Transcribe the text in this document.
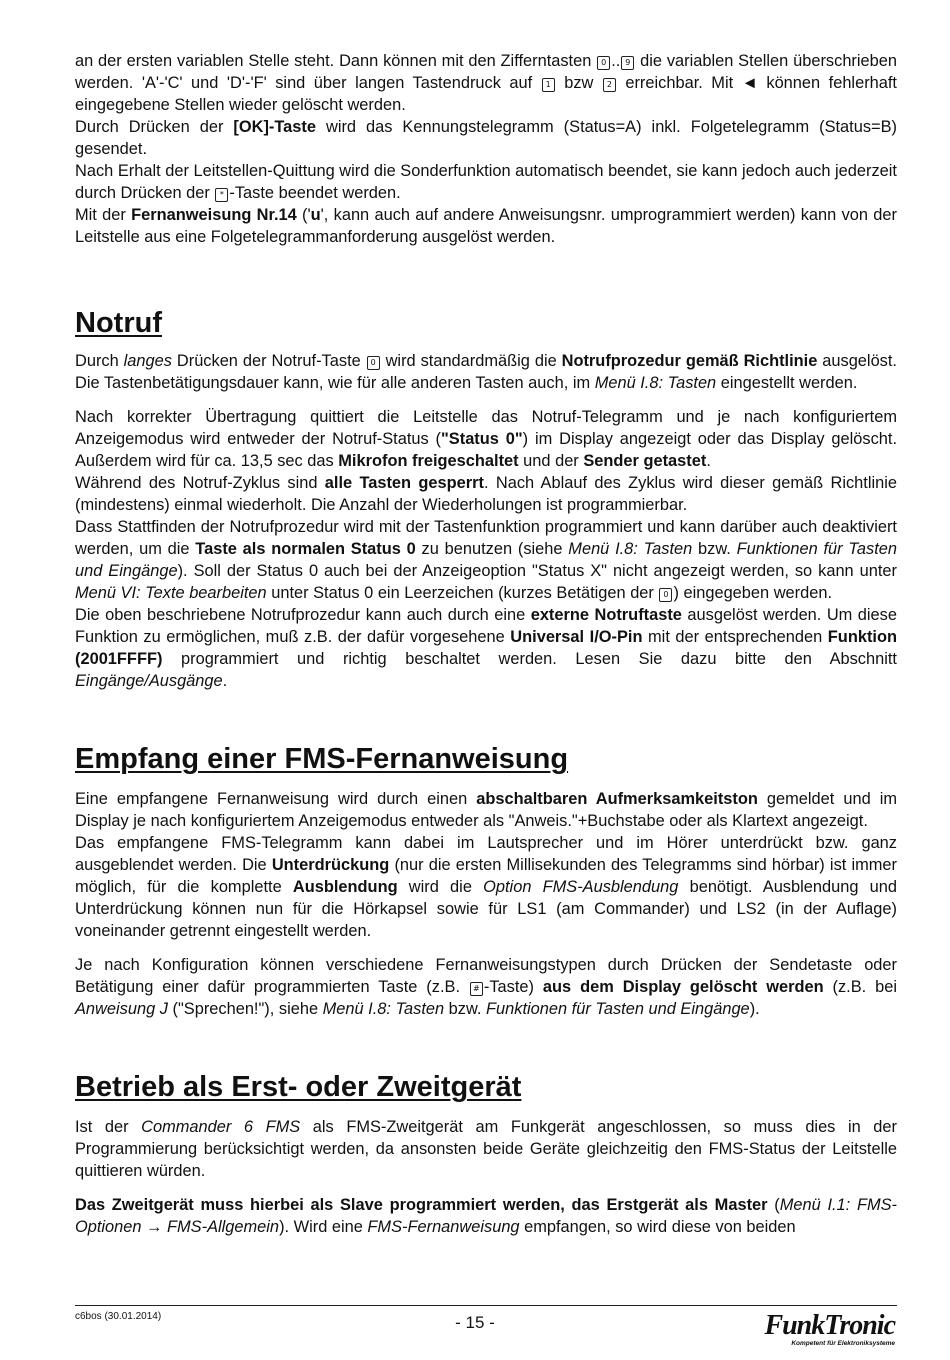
an der ersten variablen Stelle steht. Dann können mit den Zifferntasten 0 .. 9 die variablen Stellen überschrieben werden. 'A'-'C' und 'D'-'F' sind über langen Tastendruck auf 1 bzw 2 erreichbar. Mit ◄ können fehlerhaft eingegebene Stellen wieder gelöscht werden.

Durch Drücken der [OK]-Taste wird das Kennungstelegramm (Status=A) inkl. Folgetelegramm (Status=B) gesendet.

Nach Erhalt der Leitstellen-Quittung wird die Sonderfunktion automatisch beendet, sie kann jedoch auch jederzeit durch Drücken der * -Taste beendet werden.

Mit der Fernanweisung Nr.14 ('u', kann auch auf andere Anweisungsnr. umprogrammiert werden) kann von der Leitstelle aus eine Folgetelegrammanforderung ausgelöst werden.

Notruf

Durch langes Drücken der Notruf-Taste 0 wird standardmäßig die Notrufprozedur gemäß Richtlinie ausgelöst. Die Tastenbetätigungsdauer kann, wie für alle anderen Tasten auch, im Menü I.8: Tasten eingestellt werden.

Nach korrekter Übertragung quittiert die Leitstelle das Notruf-Telegramm und je nach konfiguriertem Anzeigemodus wird entweder der Notruf-Status ("Status 0") im Display angezeigt oder das Display gelöscht. Außerdem wird für ca. 13,5 sec das Mikrofon freigeschaltet und der Sender getastet.

Während des Notruf-Zyklus sind alle Tasten gesperrt. Nach Ablauf des Zyklus wird dieser gemäß Richtlinie (mindestens) einmal wiederholt. Die Anzahl der Wiederholungen ist programmierbar.

Dass Stattfinden der Notrufprozedur wird mit der Tastenfunktion programmiert und kann darüber auch deaktiviert werden, um die Taste als normalen Status 0 zu benutzen (siehe Menü I.8: Tasten bzw. Funktionen für Tasten und Eingänge). Soll der Status 0 auch bei der Anzeigeoption "Status X" nicht angezeigt werden, so kann unter Menü VI: Texte bearbeiten unter Status 0 ein Leerzeichen (kurzes Betätigen der 0 ) eingegeben werden.

Die oben beschriebene Notrufprozedur kann auch durch eine externe Notruftaste ausgelöst werden. Um diese Funktion zu ermöglichen, muß z.B. der dafür vorgesehene Universal I/O-Pin mit der entsprechenden Funktion (2001FFFF) programmiert und richtig beschaltet werden. Lesen Sie dazu bitte den Abschnitt Eingänge/Ausgänge.

Empfang einer FMS-Fernanweisung

Eine empfangene Fernanweisung wird durch einen abschaltbaren Aufmerksamkeitston gemeldet und im Display je nach konfiguriertem Anzeigemodus entweder als "Anweis."+Buchstabe oder als Klartext angezeigt.

Das empfangene FMS-Telegramm kann dabei im Lautsprecher und im Hörer unterdrückt bzw. ganz ausgeblendet werden. Die Unterdrückung (nur die ersten Millisekunden des Telegramms sind hörbar) ist immer möglich, für die komplette Ausblendung wird die Option FMS-Ausblendung benötigt. Ausblendung und Unterdrückung können nun für die Hörkapsel sowie für LS1 (am Commander) und LS2 (in der Auflage) voneinander getrennt eingestellt werden.

Je nach Konfiguration können verschiedene Fernanweisungstypen durch Drücken der Sendetaste oder Betätigung einer dafür programmierten Taste (z.B. # -Taste) aus dem Display gelöscht werden (z.B. bei Anweisung J ("Sprechen!"), siehe Menü I.8: Tasten bzw. Funktionen für Tasten und Eingänge).

Betrieb als Erst- oder Zweitgerät

Ist der Commander 6 FMS als FMS-Zweitgerät am Funkgerät angeschlossen, so muss dies in der Programmierung berücksichtigt werden, da ansonsten beide Geräte gleichzeitig den FMS-Status der Leitstelle quittieren würden.

Das Zweitgerät muss hierbei als Slave programmiert werden, das Erstgerät als Master (Menü I.1: FMS-Optionen → FMS-Allgemein). Wird eine FMS-Fernanweisung empfangen, so wird diese von beiden

c6bos (30.01.2014)	- 15 -	FunkTronic
Kompetent für Elektroniksysteme
